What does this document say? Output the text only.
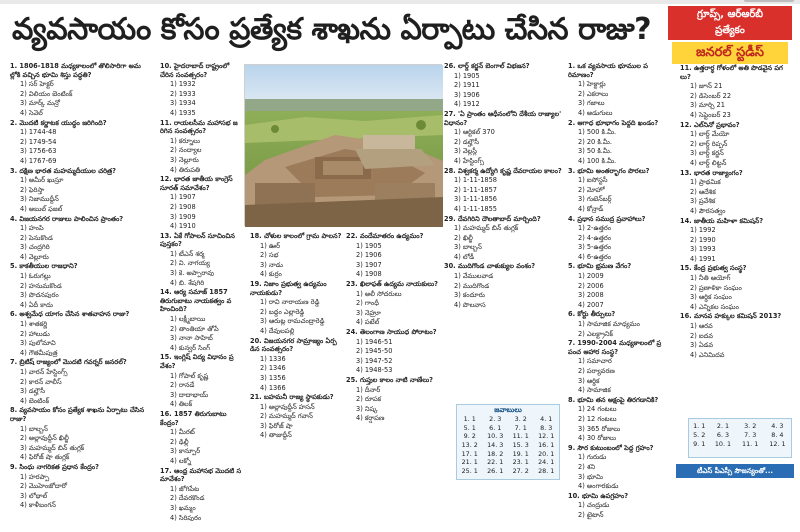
వ్యవసాయం కోసం ప్రత్యేక శాఖను ఏర్పాటు చేసిన రాజు?	గ్రూప్స్, ఆర్ఆర్‌బీ
ప్రత్యేకం
జనరల్ స్టడీస్

1. 1806-1818 మధ్యకాలంలో తొలిసారిగా అమల్లోకి వచ్చిన భూమి శిస్తు పద్ధతి?

1) సర్ హెక్టర్

2) విలియం బెంటింక్

3) మార్క్ మన్రో

4) సెవెల్

2. మొదటి కర్ణాటక యుద్ధం జరిగింది?

1) 1744-48

2) 1749-54

3) 1756-63

4) 1767-69

3. దక్షిణ భారత మహమ్మదీయుల చరిత్ర?

1) అమీర్ ఖుస్రూ

2) ఫెరిస్తా

3) నిజాముద్దీన్

4) అబుల్ ఫజల్

4. విజయనగర రాజులు పాలించిన ప్రాంతం?

1) హంపి

2) పెనుకొండ

3) చంద్రగిరి

4) వెల్లూరు

5. కాకతీయుల రాజధాని?

1) ఓరుగల్లు

2) హనుమకొండ

3) పొదనపురం

4) ఏదీ కాదు

6. అశ్వమేధ యాగం చేసిన శాతవాహన రాజు?

1) శాతకర్ణి

2) హాలుడు

3) పులోమావి

4) గౌతమీపుత్ర

7. బ్రిటిష్ రాజ్యంలో మొదటి గవర్నర్ జనరల్?

1) వారన్ హేస్టింగ్స్

2) కారన్ వాలీస్

3) డల్హౌసీ

4) బెంటింక్

8. వ్యవసాయం కోసం ప్రత్యేక శాఖను ఏర్పాటు చేసిన రాజు?

1) బాల్బన్

2) అల్లావుద్దీన్ ఖిల్జీ

3) మహమ్మద్ బిన్ తుగ్లక్

4) ఫిరోజ్ షా తుగ్లక్

9. సింధు నాగరికత ప్రధాన కేంద్రం?

1) హరప్పా

2) మొహెంజోదారో

3) లోథాల్

4) కాళీబంగన్

10. హైదరాబాద్ రాష్ట్రంలో చేరిన సంవత్సరం?

1) 1932

2) 1933

3) 1934

4) 1935

11. రాయలసీమ మహాసభ జరిగిన సంవత్సరం?

1) కర్నూలు

2) నంద్యాల

3) నెల్లూరు

4) తిరుపతి

12. భారత జాతీయ కాంగ్రెస్ సూరత్ సమావేశం?

1) 1907

2) 1908

3) 1909

4) 1910

13. ఏకే గోపాలన్ సూచించిన పుస్తకం?

1) టీఎన్ శర్మ

2) వి. నాగయ్య

3) కె. అప్పారావు

4) బి. శేషగిరి

14. ఆర్య సమాజ్ 1857 తిరుగుబాటు నాయకత్వం వహించింది?

1) లక్ష్మీబాయి

2) తాంతియా తోపే

3) నానా సాహిబ్

4) కున్వర్ సింగ్

15. ఇంగ్లిష్ విద్య విధానం ప్రవేశం?

1) గోపాల్ కృష్ణ

2) రానడే

3) దాదాభాయ్

4) తిలక్

16. 1857 తిరుగుబాటు కేంద్రం?

1) మీరట్

2) ఢిల్లీ

3) కాన్పూర్

4) లక్నో

17. ఆంధ్ర మహాసభ మొదటి సమావేశం?

1) జోగిపేట

2) దేవరకొండ

3) ఖమ్మం

4) సిరిపురం

18. చోళుల కాలంలో గ్రామ పాలన?

1) ఊర్

2) సభ

3) నాడు

4) కుర్రం

19. నిజాం ప్రభుత్వ ఉద్యమం నాయకుడు?

1) రావి నారాయణ రెడ్డి

2) బద్దం ఎల్లారెడ్డి

3) ఆరుట్ల రామచంద్రారెడ్డి

4) దేవులపల్లి

20. విజయనగర సామ్రాజ్యం ఏర్పడిన సంవత్సరం?

1) 1336

2) 1346

3) 1356

4) 1366

21. బహమనీ రాజ్య స్థాపకుడు?

1) అల్లావుద్దీన్ హసన్

2) మహమ్మద్ గవాన్

3) ఫిరోజ్ షా

4) తాజుద్దీన్

22. వందేమాతరం ఉద్యమం?

1) 1905

2) 1906

3) 1907

4) 1908

23. ఖిలాఫత్ ఉద్యమ నాయకులు?

1) అలీ సోదరులు

2) గాంధీ

3) నెహ్రూ

4) పటేల్

24. తెలంగాణ సాయుధ పోరాటం?

1) 1946-51

2) 1945-50

3) 1947-52

4) 1948-53

25. గుప్తుల కాలం నాటి నాణేలు?

1) దీనార్

2) రూపక

3) నిష్క

4) కర్షాపణ

26. లార్డ్ కర్జన్ బెంగాల్ విభజన?

1) 1905

2) 1911

3) 1906

4) 1912

27. 'ఏ ప్రాంతం ఆధీనంలోని దేశీయ రాజ్యాల' విధానం?

1) ఆర్టికల్ 370

2) డల్హౌసీ

3) వెల్లస్లీ

4) హేస్టింగ్స్

28. విశ్వకర్మ ఉద్యోగి కృష్ణ దేవరాయల కాలం?

1) 1-11-1858

2) 1-11-1857

3) 1-11-1856

4) 1-11-1855

29. దేవగిరిని దౌలతాబాద్ మార్చింది?

1) మహమ్మద్ బిన్ తుగ్లక్

2) ఖిల్జీ

3) బాల్బన్

4) లోడీ

30. ముదిగొండ చాళుక్యుల వంశం?

1) వేములవాడ

2) ముదిగొండ

3) కందూరు

4) పొలవాస

జవాబులు
1. 1	2. 3	3. 2	4. 1
5. 1	6. 1	7. 1	8. 3
9. 2	10. 3	11. 1	12. 1
13. 2	14. 3	15. 3	16. 1
17. 1	18. 2	19. 1	20. 1
21. 1	22. 1	23. 1	24. 1
25. 1	26. 1	27. 2	28. 1

1. ఒక వ్యవసాయ భూముల పరిమాణం?

1) హెక్టార్లు

2) ఎకరాలు

3) గజాలు

4) అడుగులు

2. ఆగాధ భూభాగం పెద్దది ఖండం?

1) 500 కి.మీ.

2) 20 కి.మీ.

3) 50 కి.మీ.

4) 100 కి.మీ.

3. భూమి అంతర్భాగం పొరలు?

1) ఐసోస్టసీ

2) మోహో

3) గుటెన్‌బర్గ్

4) కోన్రాడ్

4. ప్రధాన సముద్ర ప్రవాహాలు?

1) 2-ఉత్తరం

2) 4-ఉత్తరం

3) 5-ఉత్తరం

4) 6-ఉత్తరం

5. భూమి భ్రమణ వేగం?

1) 2009

2) 2006

3) 2008

4) 2007

6. కోర్టు తీర్పులు?

1) సామాజిక మాధ్యమం

2) ఎలక్ట్రానిక్

7. 1990-2004 మధ్యకాలంలో ప్రపంచ ఆహార సంస్థ?

1) సమాచార

2) పర్యావరణ

3) ఆర్థిక

4) సామాజిక

8. భూమి తన అక్షంపై తిరగడానికి?

1) 24 గంటలు

2) 12 గంటలు

3) 365 రోజులు

4) 30 రోజులు

9. సౌర కుటుంబంలో పెద్ద గ్రహం?

1) గురుడు

2) శని

3) భూమి

4) అంగారకుడు

10. భూమి ఉపగ్రహం?

1) చంద్రుడు

2) టైటాన్

11. ఉత్తరార్ధ గోళంలో అతి పొడవైన పగలు?

1) జూన్ 21

2) డిసెంబర్ 22

3) మార్చి 21

4) సెప్టెంబర్ 23

12. ఎల్‌నినో ప్రభావం?

1) లార్డ్ మేయో

2) లార్డ్ రిప్పన్

3) లార్డ్ కర్జన్

4) లార్డ్ లిట్టన్

13. భారత రాజ్యాంగం?

1) ప్రాథమిక

2) ఆదేశిక

3) ప్రవేశిక

4) పౌరసత్వం

14. జాతీయ మహిళా కమిషన్?

1) 1992

2) 1990

3) 1993

4) 1991

15. కేంద్ర ప్రభుత్వ సంస్థ?

1) నీతి ఆయోగ్

2) ప్రణాళికా సంఘం

3) ఆర్థిక సంఘం

4) ఎన్నికల సంఘం

16. మానవ హక్కుల కమిషన్ 2013?

1) ఆరవ

2) ఐదవ

3) ఏడవ

4) ఎనిమిదవ

1. 1	2. 1	3. 2	4. 3
5. 2	6. 3	7. 3	8. 4
9. 1	10. 1	11. 1	12. 1
టీఎస్ పీఎస్సీ సౌజన్యంతో...
